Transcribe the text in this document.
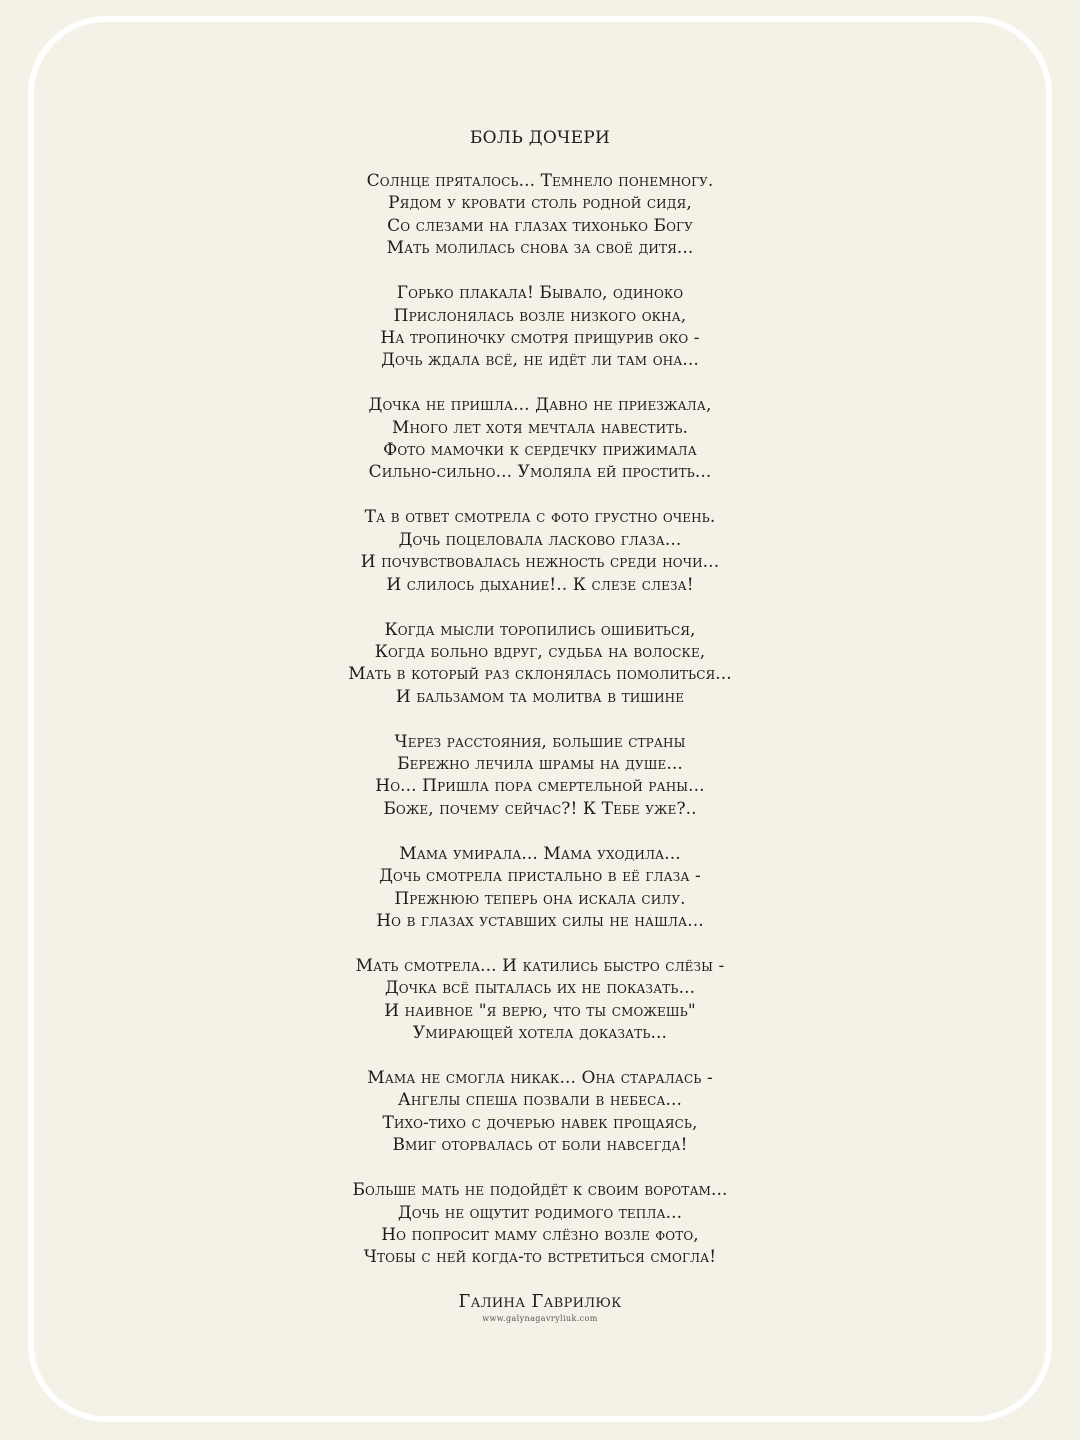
БОЛЬ ДОЧЕРИ
Солнце пряталось... Темнело понемногу.
Рядом у кровати столь родной сидя,
Со слезами на глазах тихонько Богу
Мать молилась снова за своё дитя...
Горько плакала! Бывало, одиноко
Прислонялась возле низкого окна,
На тропиночку смотря прищурив око -
Дочь ждала всё, не идёт ли там она...
Дочка не пришла... Давно не приезжала,
Много лет хотя мечтала навестить.
Фото мамочки к сердечку прижимала
Сильно-сильно... Умоляла ей простить...
Та в ответ смотрела с фото грустно очень.
Дочь поцеловала ласково глаза...
И почувствовалась нежность среди ночи...
И слилось дыхание!.. К слезе слеза!
Когда мысли торопились ошибиться,
Когда больно вдруг, судьба на волоске,
Мать в который раз склонялась помолиться...
И бальзамом та молитва в тишине
Через расстояния, большие страны
Бережно лечила шрамы на душе...
Но... Пришла пора смертельной раны...
Боже, почему сейчас?! К Тебе уже?..
Мама умирала... Мама уходила...
Дочь смотрела пристально в её глаза -
Прежнюю теперь она искала силу.
Но в глазах уставших силы не нашла...
Мать смотрела... И катились быстро слёзы -
Дочка всё пыталась их не показать...
И наивное "я верю, что ты сможешь"
Умирающей хотела доказать...
Мама не смогла никак... Она старалась -
Ангелы спеша позвали в небеса...
Тихо-тихо с дочерью навек прощаясь,
Вмиг оторвалась от боли навсегда!
Больше мать не подойдёт к своим воротам...
Дочь не ощутит родимого тепла...
Но попросит маму слёзно возле фото,
Чтобы с ней когда-то встретиться смогла!
Галина Гаврилюк
www.galynagavryliuk.com
